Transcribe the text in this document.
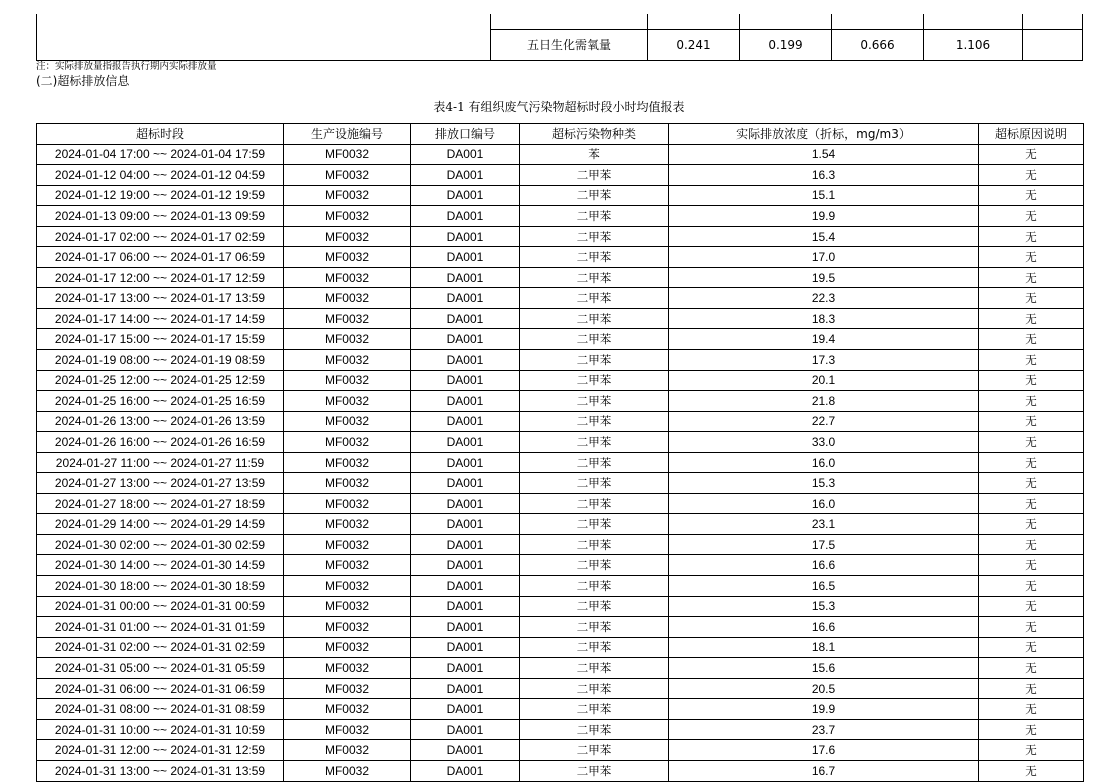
五日生化需氧量	0.241	0.199	0.666	1.106
注：实际排放量指报告执行期内实际排放量
(二)超标排放信息
表4-1 有组织废气污染物超标时段小时均值报表
超标时段	生产设施编号	排放口编号	超标污染物种类	实际排放浓度（折标，mg/m3）	超标原因说明
2024-01-04 17:00 ~~ 2024-01-04 17:59	MF0032	DA001	苯	1.54	无
2024-01-12 04:00 ~~ 2024-01-12 04:59	MF0032	DA001	二甲苯	16.3	无
2024-01-12 19:00 ~~ 2024-01-12 19:59	MF0032	DA001	二甲苯	15.1	无
2024-01-13 09:00 ~~ 2024-01-13 09:59	MF0032	DA001	二甲苯	19.9	无
2024-01-17 02:00 ~~ 2024-01-17 02:59	MF0032	DA001	二甲苯	15.4	无
2024-01-17 06:00 ~~ 2024-01-17 06:59	MF0032	DA001	二甲苯	17.0	无
2024-01-17 12:00 ~~ 2024-01-17 12:59	MF0032	DA001	二甲苯	19.5	无
2024-01-17 13:00 ~~ 2024-01-17 13:59	MF0032	DA001	二甲苯	22.3	无
2024-01-17 14:00 ~~ 2024-01-17 14:59	MF0032	DA001	二甲苯	18.3	无
2024-01-17 15:00 ~~ 2024-01-17 15:59	MF0032	DA001	二甲苯	19.4	无
2024-01-19 08:00 ~~ 2024-01-19 08:59	MF0032	DA001	二甲苯	17.3	无
2024-01-25 12:00 ~~ 2024-01-25 12:59	MF0032	DA001	二甲苯	20.1	无
2024-01-25 16:00 ~~ 2024-01-25 16:59	MF0032	DA001	二甲苯	21.8	无
2024-01-26 13:00 ~~ 2024-01-26 13:59	MF0032	DA001	二甲苯	22.7	无
2024-01-26 16:00 ~~ 2024-01-26 16:59	MF0032	DA001	二甲苯	33.0	无
2024-01-27 11:00 ~~ 2024-01-27 11:59	MF0032	DA001	二甲苯	16.0	无
2024-01-27 13:00 ~~ 2024-01-27 13:59	MF0032	DA001	二甲苯	15.3	无
2024-01-27 18:00 ~~ 2024-01-27 18:59	MF0032	DA001	二甲苯	16.0	无
2024-01-29 14:00 ~~ 2024-01-29 14:59	MF0032	DA001	二甲苯	23.1	无
2024-01-30 02:00 ~~ 2024-01-30 02:59	MF0032	DA001	二甲苯	17.5	无
2024-01-30 14:00 ~~ 2024-01-30 14:59	MF0032	DA001	二甲苯	16.6	无
2024-01-30 18:00 ~~ 2024-01-30 18:59	MF0032	DA001	二甲苯	16.5	无
2024-01-31 00:00 ~~ 2024-01-31 00:59	MF0032	DA001	二甲苯	15.3	无
2024-01-31 01:00 ~~ 2024-01-31 01:59	MF0032	DA001	二甲苯	16.6	无
2024-01-31 02:00 ~~ 2024-01-31 02:59	MF0032	DA001	二甲苯	18.1	无
2024-01-31 05:00 ~~ 2024-01-31 05:59	MF0032	DA001	二甲苯	15.6	无
2024-01-31 06:00 ~~ 2024-01-31 06:59	MF0032	DA001	二甲苯	20.5	无
2024-01-31 08:00 ~~ 2024-01-31 08:59	MF0032	DA001	二甲苯	19.9	无
2024-01-31 10:00 ~~ 2024-01-31 10:59	MF0032	DA001	二甲苯	23.7	无
2024-01-31 12:00 ~~ 2024-01-31 12:59	MF0032	DA001	二甲苯	17.6	无
2024-01-31 13:00 ~~ 2024-01-31 13:59	MF0032	DA001	二甲苯	16.7	无
